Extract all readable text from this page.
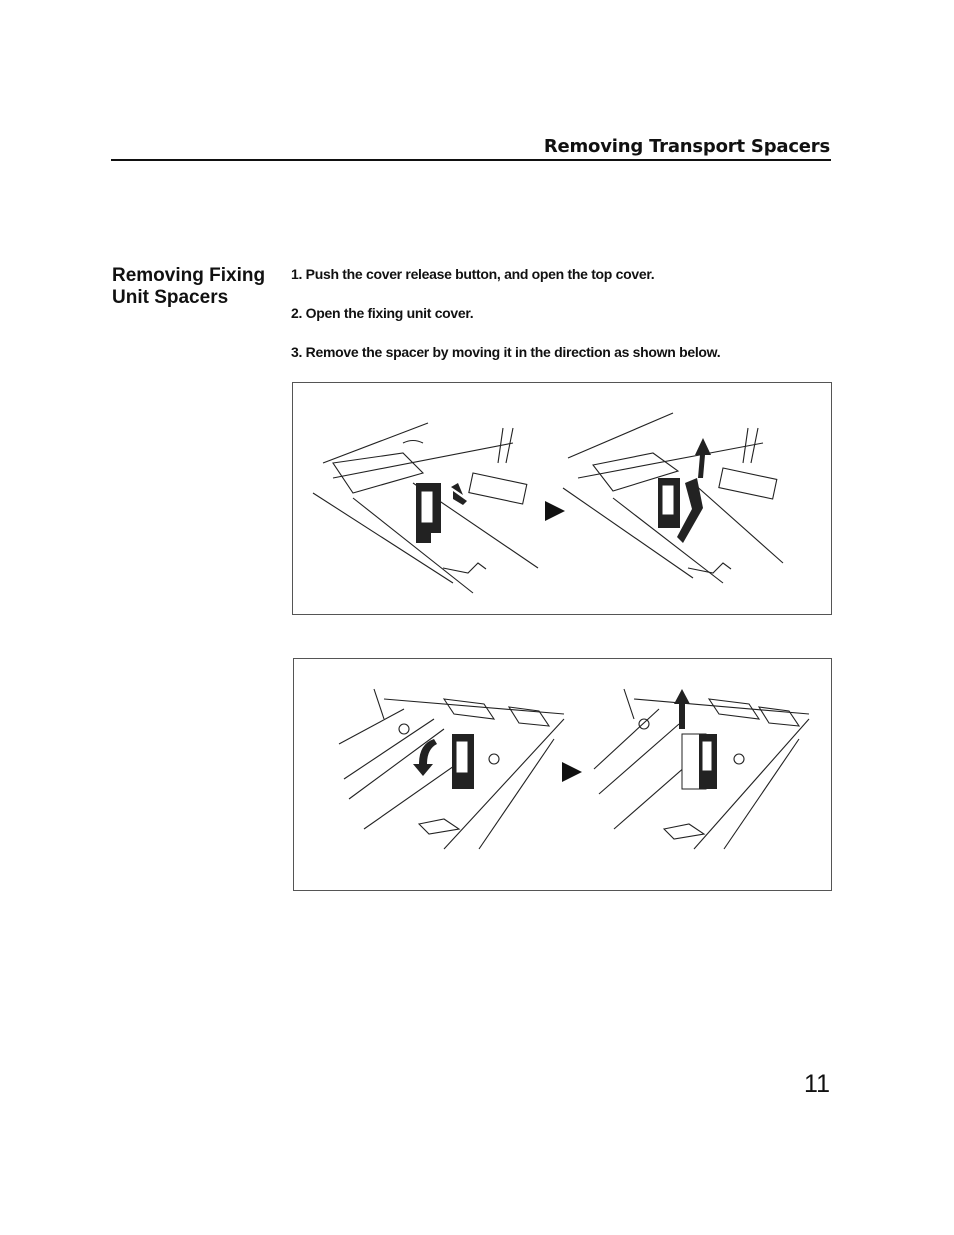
Removing Transport Spacers
Removing Fixing
Unit Spacers
1. Push the cover release button, and open the top cover.
2. Open the fixing unit cover.
3. Remove the spacer by moving it in the direction as shown below.

11
